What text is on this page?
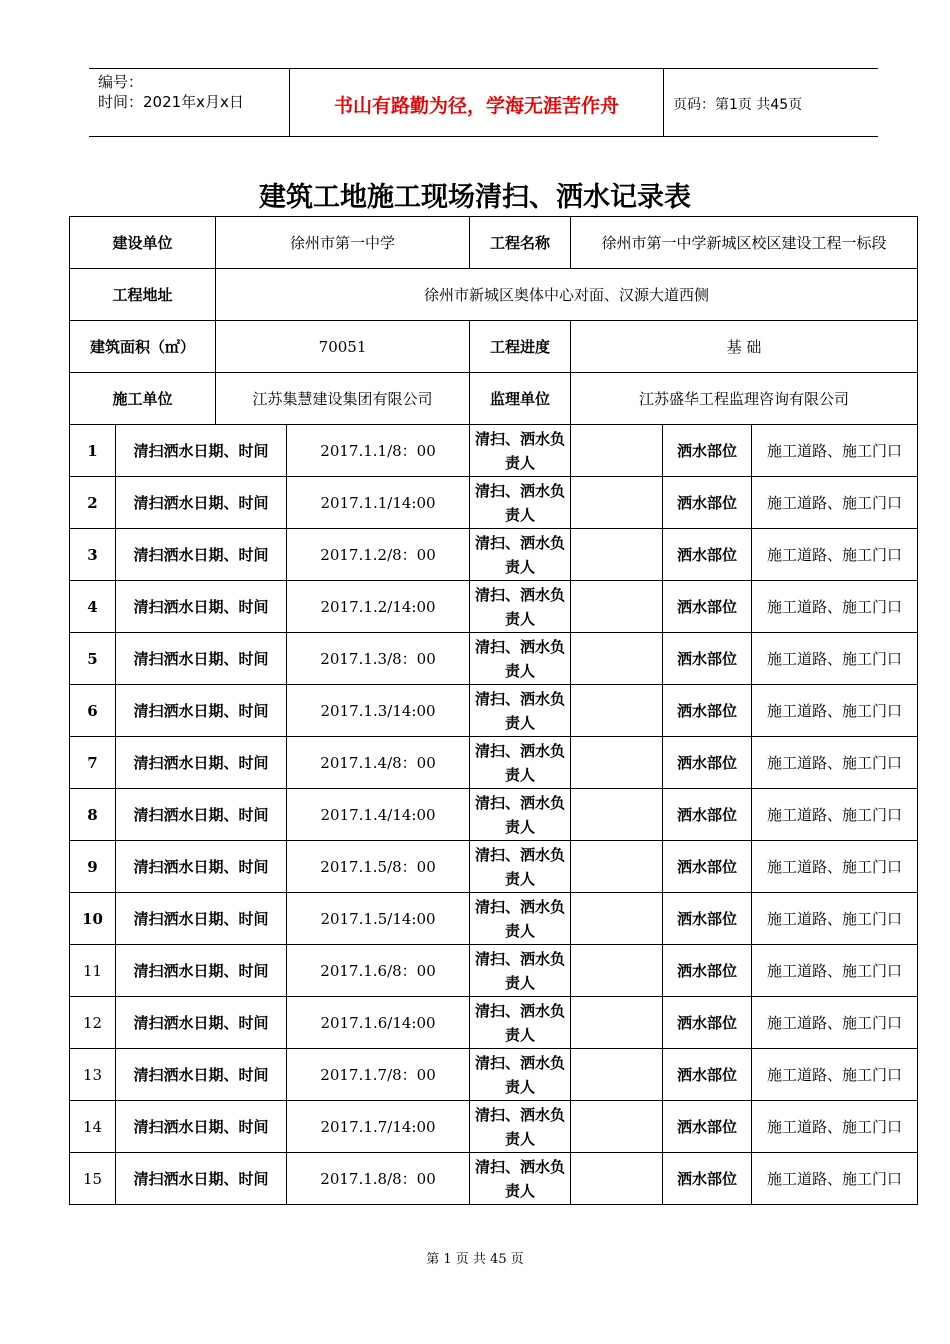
编号：
时间：2021年x月x日	书山有路勤为径，学海无涯苦作舟	页码：第1页 共45页
建筑工地施工现场清扫、洒水记录表
建设单位		徐州市第一中学		工程名称	徐州市第一中学新城区校区建设工程一标段		
工程地址		徐州市新城区奥体中心对面、汉源大道西侧					
建筑面积（㎡）		70051		工程进度	基 础		
施工单位		江苏集慧建设集团有限公司		监理单位	江苏盛华工程监理咨询有限公司		
1	清扫洒水日期、时间		2017.1.1/8：00	清扫、洒水负责人		洒水部位	施工道路、施工门口
2	清扫洒水日期、时间		2017.1.1/14:00	清扫、洒水负责人		洒水部位	施工道路、施工门口
3	清扫洒水日期、时间		2017.1.2/8：00	清扫、洒水负责人		洒水部位	施工道路、施工门口
4	清扫洒水日期、时间		2017.1.2/14:00	清扫、洒水负责人		洒水部位	施工道路、施工门口
5	清扫洒水日期、时间		2017.1.3/8：00	清扫、洒水负责人		洒水部位	施工道路、施工门口
6	清扫洒水日期、时间		2017.1.3/14:00	清扫、洒水负责人		洒水部位	施工道路、施工门口
7	清扫洒水日期、时间		2017.1.4/8：00	清扫、洒水负责人		洒水部位	施工道路、施工门口
8	清扫洒水日期、时间		2017.1.4/14:00	清扫、洒水负责人		洒水部位	施工道路、施工门口
9	清扫洒水日期、时间		2017.1.5/8：00	清扫、洒水负责人		洒水部位	施工道路、施工门口
10	清扫洒水日期、时间		2017.1.5/14:00	清扫、洒水负责人		洒水部位	施工道路、施工门口
11	清扫洒水日期、时间		2017.1.6/8：00	清扫、洒水负责人		洒水部位	施工道路、施工门口
12	清扫洒水日期、时间		2017.1.6/14:00	清扫、洒水负责人		洒水部位	施工道路、施工门口
13	清扫洒水日期、时间		2017.1.7/8：00	清扫、洒水负责人		洒水部位	施工道路、施工门口
14	清扫洒水日期、时间		2017.1.7/14:00	清扫、洒水负责人		洒水部位	施工道路、施工门口
15	清扫洒水日期、时间		2017.1.8/8：00	清扫、洒水负责人		洒水部位	施工道路、施工门口
第 1 页 共 45 页
